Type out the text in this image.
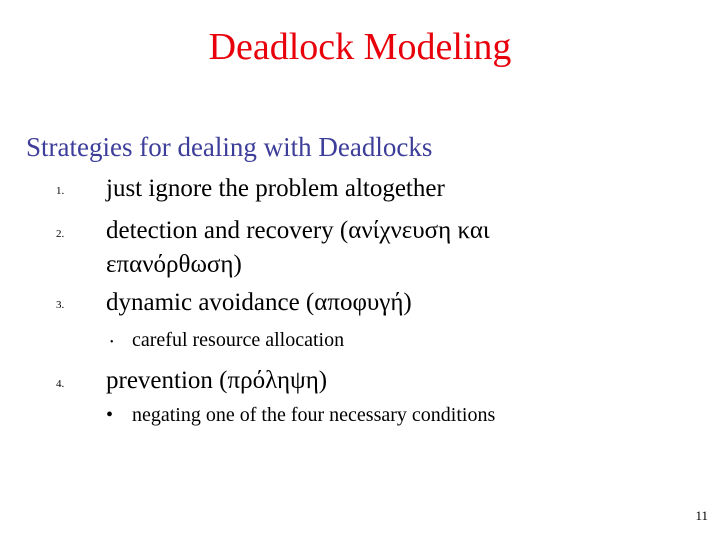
Deadlock Modeling
Strategies for dealing with Deadlocks
1. just ignore the problem altogether
2. detection and recovery (ανίχνευση και
επανόρθωση)
3. dynamic avoidance (αποφυγή)
• careful resource allocation
4. prevention (πρόληψη)
• negating one of the four necessary conditions
11
